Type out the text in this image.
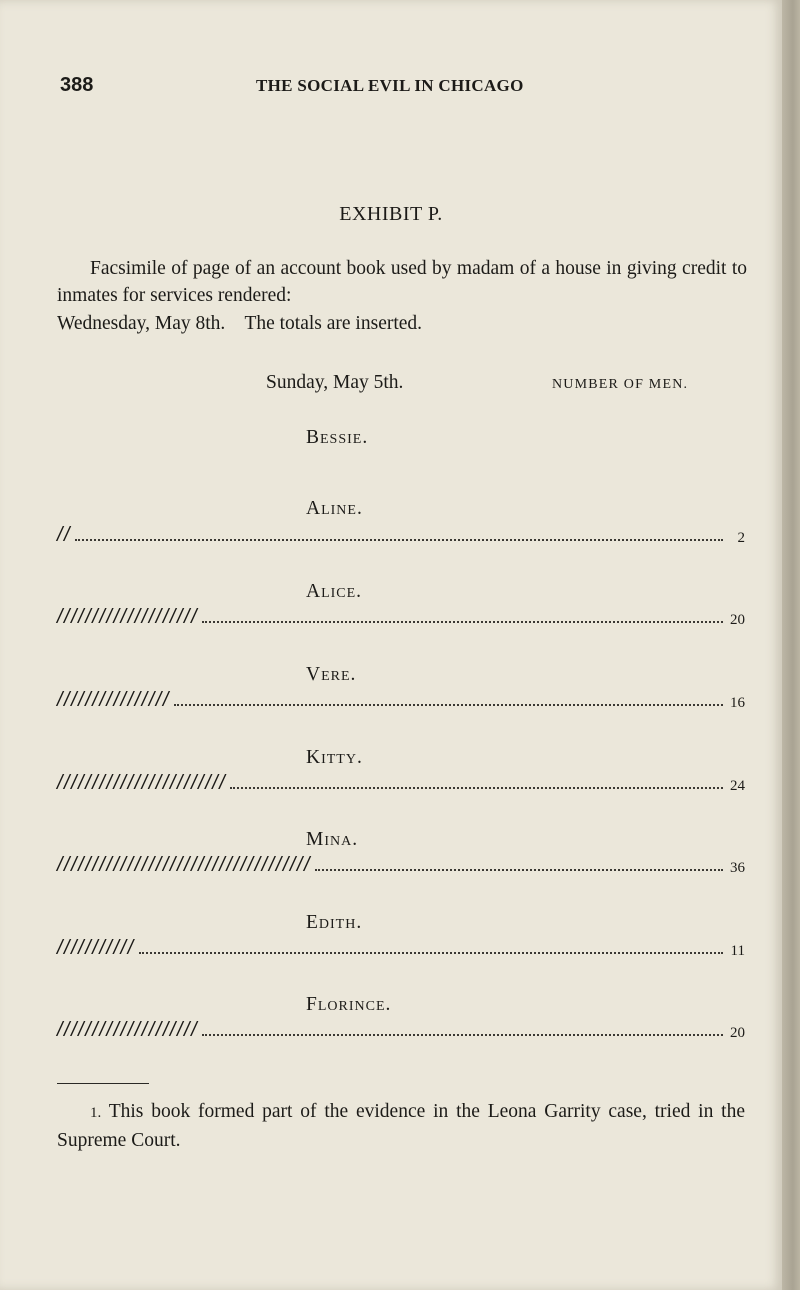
388	THE SOCIAL EVIL IN CHICAGO
EXHIBIT P.
Facsimile of page of an account book used by madam of a house in giving credit to inmates for services rendered:
Wednesday, May 8th.    The totals are inserted.
Sunday, May 5th.	NUMBER OF MEN.
Bessie.
Aline.
//	2
Alice.
////////////////////	20
Vere.
////////////////	16
Kitty.
////////////////////////	24
Mina.
////////////////////////////////////	36
Edith.
///////////	11
Florince.
////////////////////	20
1. This book formed part of the evidence in the Leona Garrity case, tried in the Supreme Court.
